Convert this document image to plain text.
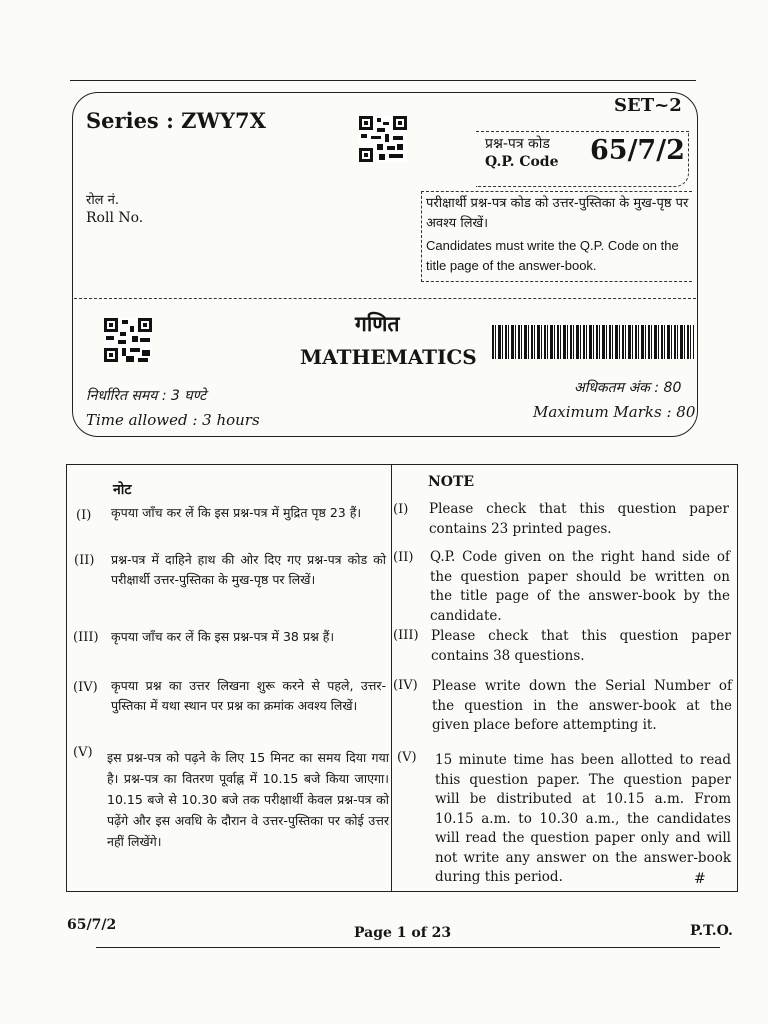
Series : ZWY7X
SET~2
प्रश्न-पत्र कोड
Q.P. Code 65/7/2
रोल नं.
Roll No.
परीक्षार्थी प्रश्न-पत्र कोड को उत्तर-पुस्तिका के मुख-पृष्ठ पर अवश्य लिखें।
Candidates must write the Q.P. Code on the title page of the answer-book.
गणित
MATHEMATICS
निर्धारित समय : 3 घण्टे
Time allowed : 3 hours
अधिकतम अंक : 80
Maximum Marks : 80
नोट	NOTE
(I) कृपया जाँच कर लें कि इस प्रश्न-पत्र में मुद्रित पृष्ठ 23 हैं।	(I) Please check that this question paper contains 23 printed pages.
(II) प्रश्न-पत्र में दाहिने हाथ की ओर दिए गए प्रश्न-पत्र कोड को परीक्षार्थी उत्तर-पुस्तिका के मुख-पृष्ठ पर लिखें।
(II) Q.P. Code given on the right hand side of the question paper should be written on the title page of the answer-book by the candidate.
(III) कृपया जाँच कर लें कि इस प्रश्न-पत्र में 38 प्रश्न हैं।	(III) Please check that this question paper contains 38 questions.
(IV) कृपया प्रश्न का उत्तर लिखना शुरू करने से पहले, उत्तर-पुस्तिका में यथा स्थान पर प्रश्न का क्रमांक अवश्य लिखें।
(IV) Please write down the Serial Number of the question in the answer-book at the given place before attempting it.
(V) इस प्रश्न-पत्र को पढ़ने के लिए 15 मिनट का समय दिया गया है। प्रश्न-पत्र का वितरण पूर्वाह्न में 10.15 बजे किया जाएगा। 10.15 बजे से 10.30 बजे तक परीक्षार्थी केवल प्रश्न-पत्र को पढ़ेंगे और इस अवधि के दौरान वे उत्तर-पुस्तिका पर कोई उत्तर नहीं लिखेंगे।
(V) 15 minute time has been allotted to read this question paper. The question paper will be distributed at 10.15 a.m. From 10.15 a.m. to 10.30 a.m., the candidates will read the question paper only and will not write any answer on the answer-book during this period.	#
65/7/2	Page 1 of 23	P.T.O.
